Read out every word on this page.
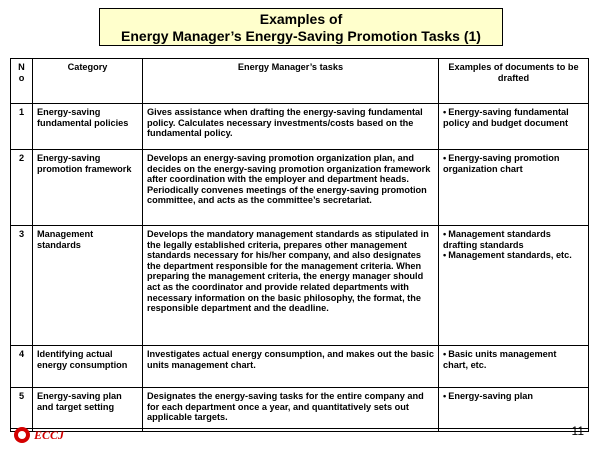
Examples of
Energy Manager’s Energy-Saving Promotion Tasks (1)
N o	Category	Energy Manager’s tasks	Examples of documents to be drafted
1	Energy-saving fundamental policies	Gives assistance when drafting the energy-saving fundamental policy. Calculates necessary investments/costs based on the fundamental policy.	• Energy-saving fundamental policy and budget document

2	Energy-saving promotion framework	Develops an energy-saving promotion organization plan, and decides on the energy-saving promotion organization framework after coordination with the employer and department heads. Periodically convenes meetings of the energy-saving promotion committee, and acts as the committee’s secretariat.	• Energy-saving promotion organization chart

3	Management standards	Develops the mandatory management standards as stipulated in the legally established criteria, prepares other management standards necessary for his/her company, and also designates the department responsible for the management criteria. When preparing the management criteria, the energy manager should act as the coordinator and provide related departments with necessary information on the basic philosophy, the format, the responsible department and the deadline.	• Management standards drafting standards
• Management standards, etc.

4	Identifying actual energy consumption	Investigates actual energy consumption, and makes out the basic units management chart.	• Basic units management chart, etc.

5	Energy-saving plan and target setting	Designates the energy-saving tasks for the entire company and for each department once a year, and quantitatively sets out applicable targets.	• Energy-saving plan
ECCJ	11
